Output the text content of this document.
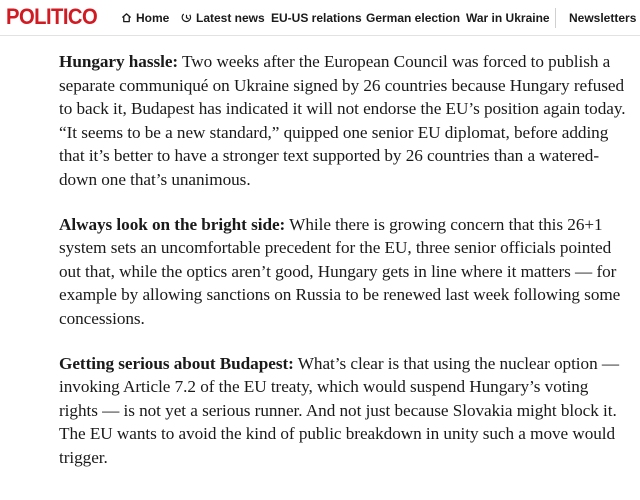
POLITICO	Home	Latest news EU-US relations German election War in Ukraine Newsletters

Hungary hassle: Two weeks after the European Council was forced to publish a separate communiqué on Ukraine signed by 26 countries because Hungary refused to back it, Budapest has indicated it will not endorse the EU’s position again today. “It seems to be a new standard,” quipped one senior EU diplomat, before adding that it’s better to have a stronger text supported by 26 countries than a watered-down one that’s unanimous.

Always look on the bright side: While there is growing concern that this 26+1 system sets an uncomfortable precedent for the EU, three senior officials pointed out that, while the optics aren’t good, Hungary gets in line where it matters — for example by allowing sanctions on Russia to be renewed last week following some concessions.

Getting serious about Budapest: What’s clear is that using the nuclear option — invoking Article 7.2 of the EU treaty, which would suspend Hungary’s voting rights — is not yet a serious runner. And not just because Slovakia might block it. The EU wants to avoid the kind of public breakdown in unity such a move would trigger.
